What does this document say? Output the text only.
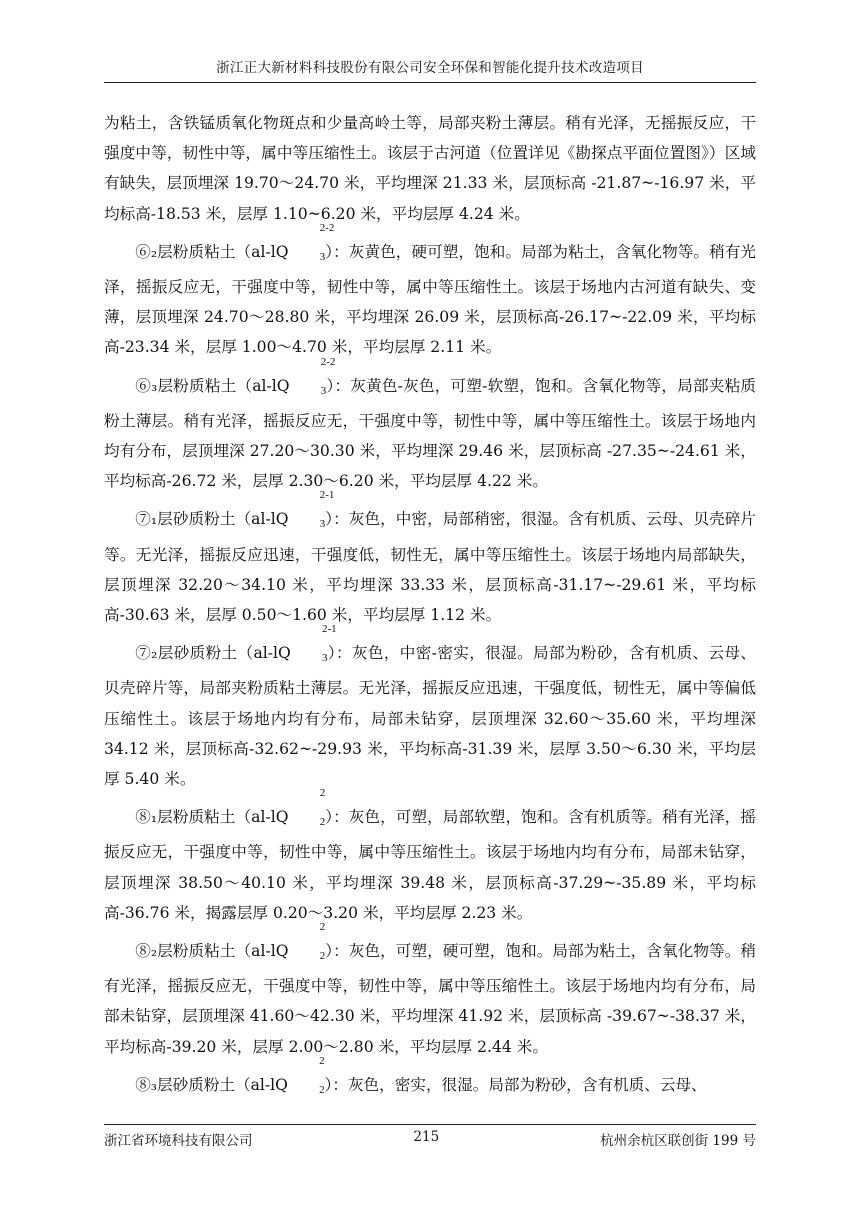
浙江正大新材料科技股份有限公司安全环保和智能化提升技术改造项目

为粘土，含铁锰质氧化物斑点和少量高岭土等，局部夹粉土薄层。稍有光泽，无摇振反应，干强度中等，韧性中等，属中等压缩性土。该层于古河道（位置详见《勘探点平面位置图》）区域有缺失，层顶埋深 19.70～24.70 米，平均埋深 21.33 米，层顶标高 -21.87~-16.97 米，平均标高-18.53 米，层厚 1.10~6.20 米，平均层厚 4.24 米。

⑥₂层粉质粘土（al-lQ
2-2
$_3$）：灰黄色，硬可塑，饱和。局部为粘土，含氧化物等。稍有光泽，摇振反应无，干强度中等，韧性中等，属中等压缩性土。该层于场地内古河道有缺失、变薄，层顶埋深 24.70～28.80 米，平均埋深 26.09 米，层顶标高-26.17~-22.09 米，平均标高-23.34 米，层厚 1.00～4.70 米，平均层厚 2.11 米。

⑥₃层粉质粘土（al-lQ
2-2
$_3$）：灰黄色-灰色，可塑-软塑，饱和。含氧化物等，局部夹粘质粉土薄层。稍有光泽，摇振反应无，干强度中等，韧性中等，属中等压缩性土。该层于场地内均有分布，层顶埋深 27.20～30.30 米，平均埋深 29.46 米，层顶标高 -27.35~-24.61 米，平均标高-26.72 米，层厚 2.30～6.20 米，平均层厚 4.22 米。

⑦₁层砂质粉土（al-lQ
2-1
$_3$）：灰色，中密，局部稍密，很湿。含有机质、云母、贝壳碎片等。无光泽，摇振反应迅速，干强度低，韧性无，属中等压缩性土。该层于场地内局部缺失，层顶埋深 32.20～34.10 米，平均埋深 33.33 米，层顶标高-31.17~-29.61 米，平均标高-30.63 米，层厚 0.50～1.60 米，平均层厚 1.12 米。

⑦₂层砂质粉土（al-lQ
2-1
$_3$）：灰色，中密-密实，很湿。局部为粉砂，含有机质、云母、贝壳碎片等，局部夹粉质粘土薄层。无光泽，摇振反应迅速，干强度低，韧性无，属中等偏低压缩性土。该层于场地内均有分布，局部未钻穿，层顶埋深 32.60～35.60 米，平均埋深 34.12 米，层顶标高-32.62~-29.93 米，平均标高-31.39 米，层厚 3.50～6.30 米，平均层厚 5.40 米。

⑧₁层粉质粘土（al-lQ
2
$_2$）：灰色，可塑，局部软塑，饱和。含有机质等。稍有光泽，摇振反应无，干强度中等，韧性中等，属中等压缩性土。该层于场地内均有分布，局部未钻穿，层顶埋深 38.50～40.10 米，平均埋深 39.48 米，层顶标高-37.29~-35.89 米，平均标高-36.76 米，揭露层厚 0.20～3.20 米，平均层厚 2.23 米。

⑧₂层粉质粘土（al-lQ
2
$_2$）：灰色，可塑，硬可塑，饱和。局部为粘土，含氧化物等。稍有光泽，摇振反应无，干强度中等，韧性中等，属中等压缩性土。该层于场地内均有分布，局部未钻穿，层顶埋深 41.60～42.30 米，平均埋深 41.92 米，层顶标高 -39.67~-38.37 米，平均标高-39.20 米，层厚 2.00～2.80 米，平均层厚 2.44 米。

⑧₃层砂质粉土（al-lQ
2
$_2$）：灰色，密实，很湿。局部为粉砂，含有机质、云母、

浙江省环境科技有限公司	215	杭州余杭区联创街 199 号
